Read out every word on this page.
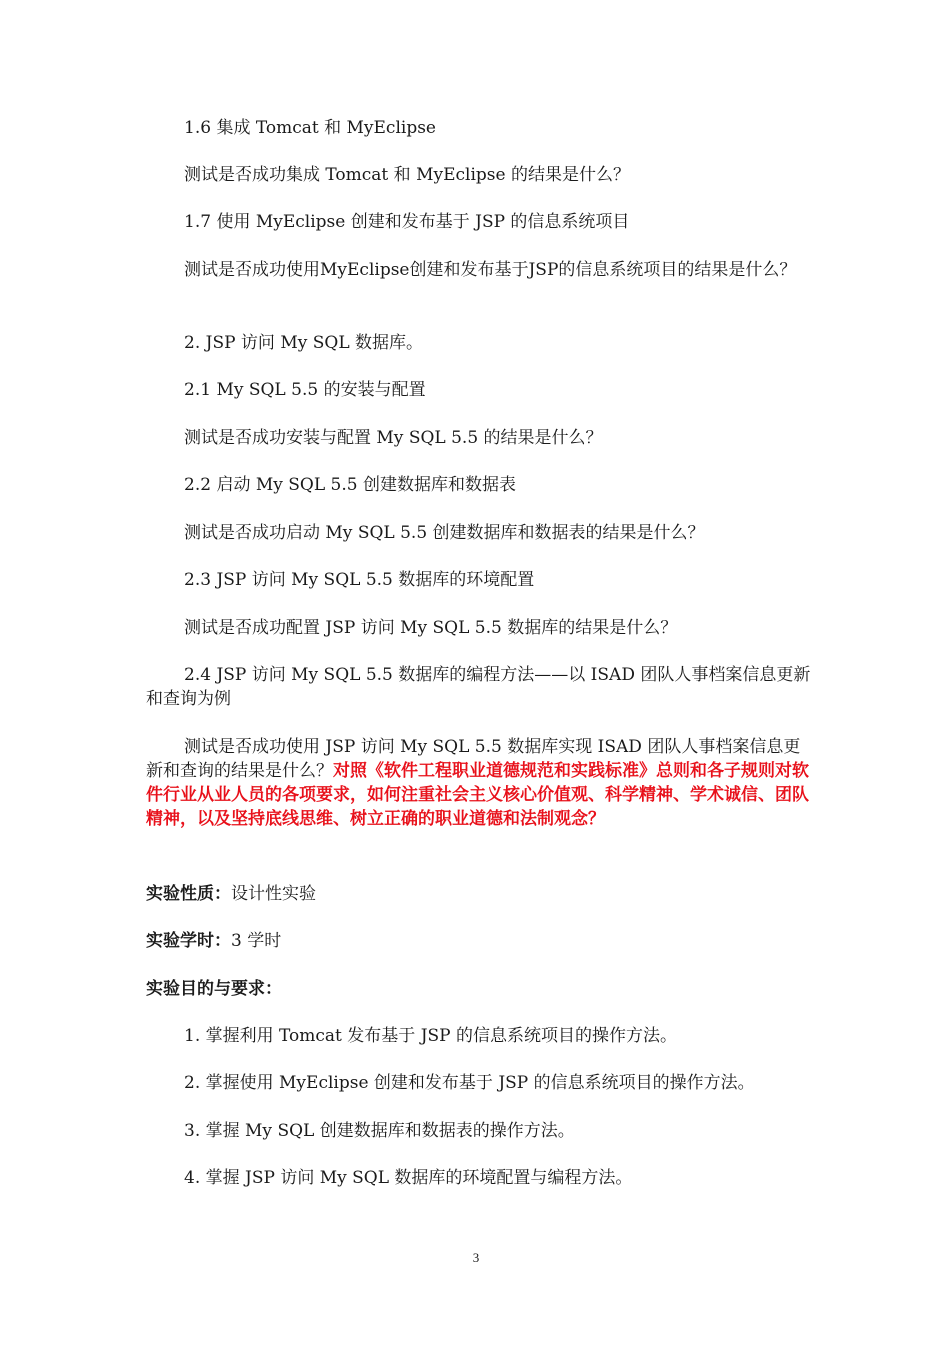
1.6 集成 Tomcat 和 MyEclipse

测试是否成功集成 Tomcat 和 MyEclipse 的结果是什么？

1.7 使用 MyEclipse 创建和发布基于 JSP 的信息系统项目

测试是否成功使用MyEclipse创建和发布基于JSP的信息系统项目的结果是什么？

2. JSP 访问 My SQL 数据库。

2.1 My SQL 5.5 的安装与配置

测试是否成功安装与配置 My SQL 5.5 的结果是什么？

2.2 启动 My SQL 5.5 创建数据库和数据表

测试是否成功启动 My SQL 5.5 创建数据库和数据表的结果是什么？

2.3 JSP 访问 My SQL 5.5 数据库的环境配置

测试是否成功配置 JSP 访问 My SQL 5.5 数据库的结果是什么？

2.4 JSP 访问 My SQL 5.5 数据库的编程方法——以 ISAD 团队人事档案信息更新和查询为例

测试是否成功使用 JSP 访问 My SQL 5.5 数据库实现 ISAD 团队人事档案信息更新和查询的结果是什么？对照《软件工程职业道德规范和实践标准》总则和各子规则对软件行业从业人员的各项要求，如何注重社会主义核心价值观、科学精神、学术诚信、团队精神，以及坚持底线思维、树立正确的职业道德和法制观念？

实验性质：设计性实验

实验学时：3 学时

实验目的与要求：

1. 掌握利用 Tomcat 发布基于 JSP 的信息系统项目的操作方法。

2. 掌握使用 MyEclipse 创建和发布基于 JSP 的信息系统项目的操作方法。

3. 掌握 My SQL 创建数据库和数据表的操作方法。

4. 掌握 JSP 访问 My SQL 数据库的环境配置与编程方法。

3
